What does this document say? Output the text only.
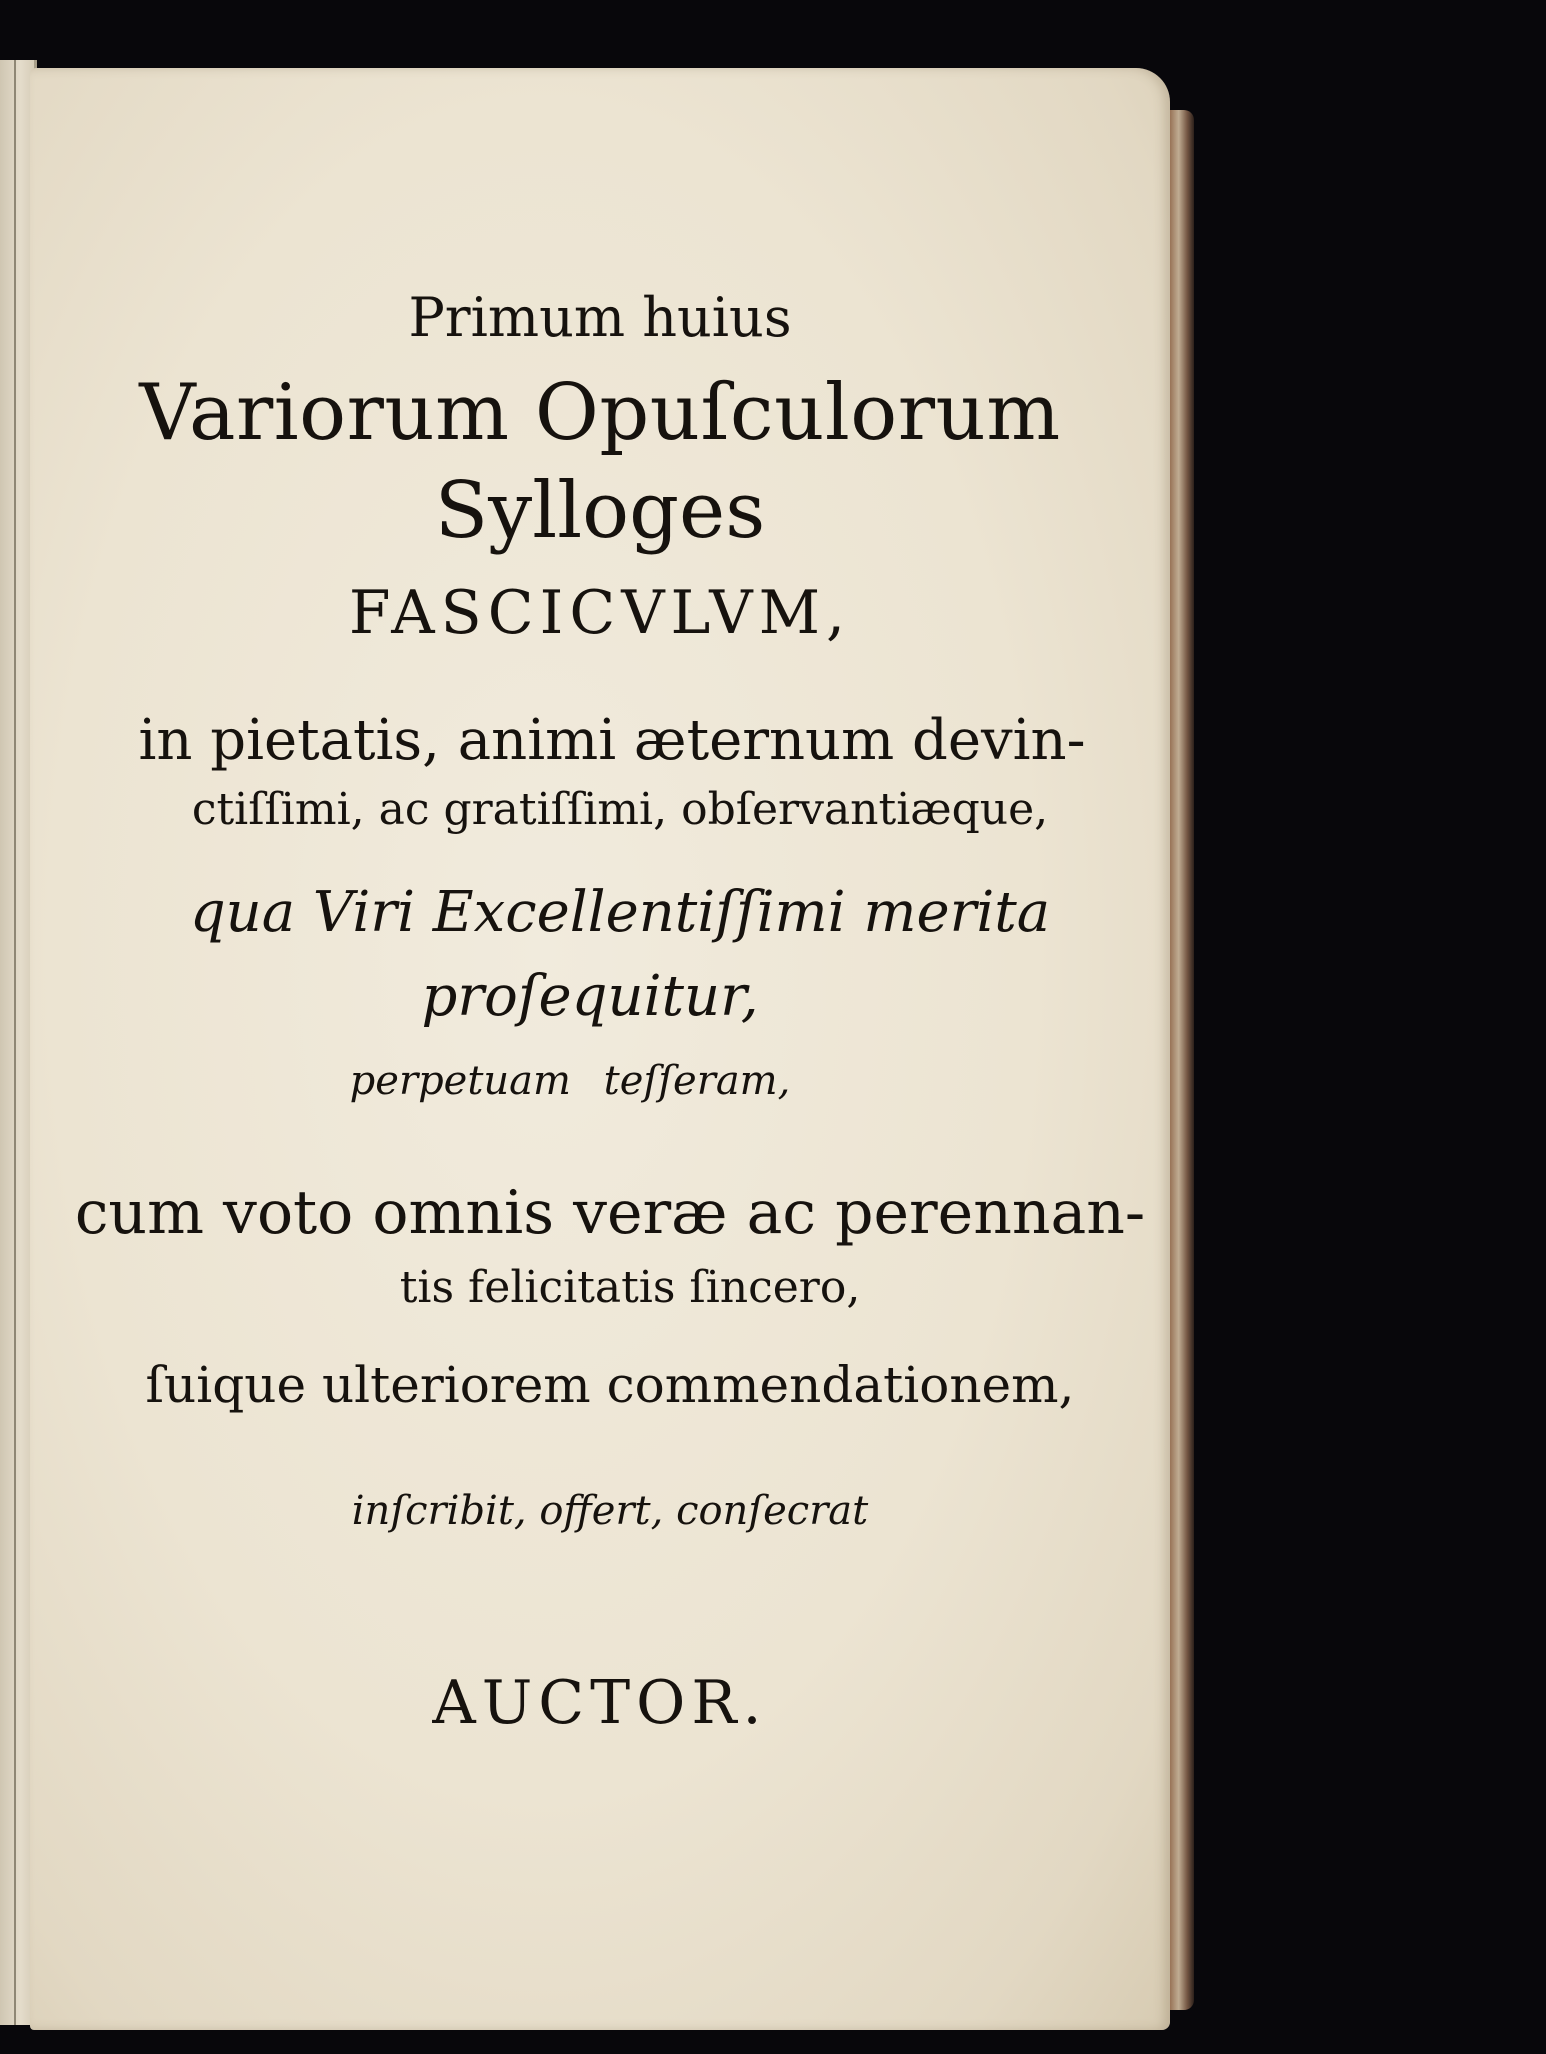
Primum huius
Variorum Opuſculorum
Sylloges
FASCICVLVM,
in pietatis, animi æternum devin-
ctiſſimi, ac gratiſſimi, obſervantiæque,
qua Viri Excellentiſſimi merita
proſequitur,
perpetuam teſſeram,
cum voto omnis veræ ac perennan-
tis felicitatis ſincero,
ſuique ulteriorem commendationem,
inſcribit, offert, conſecrat
AUCTOR.
